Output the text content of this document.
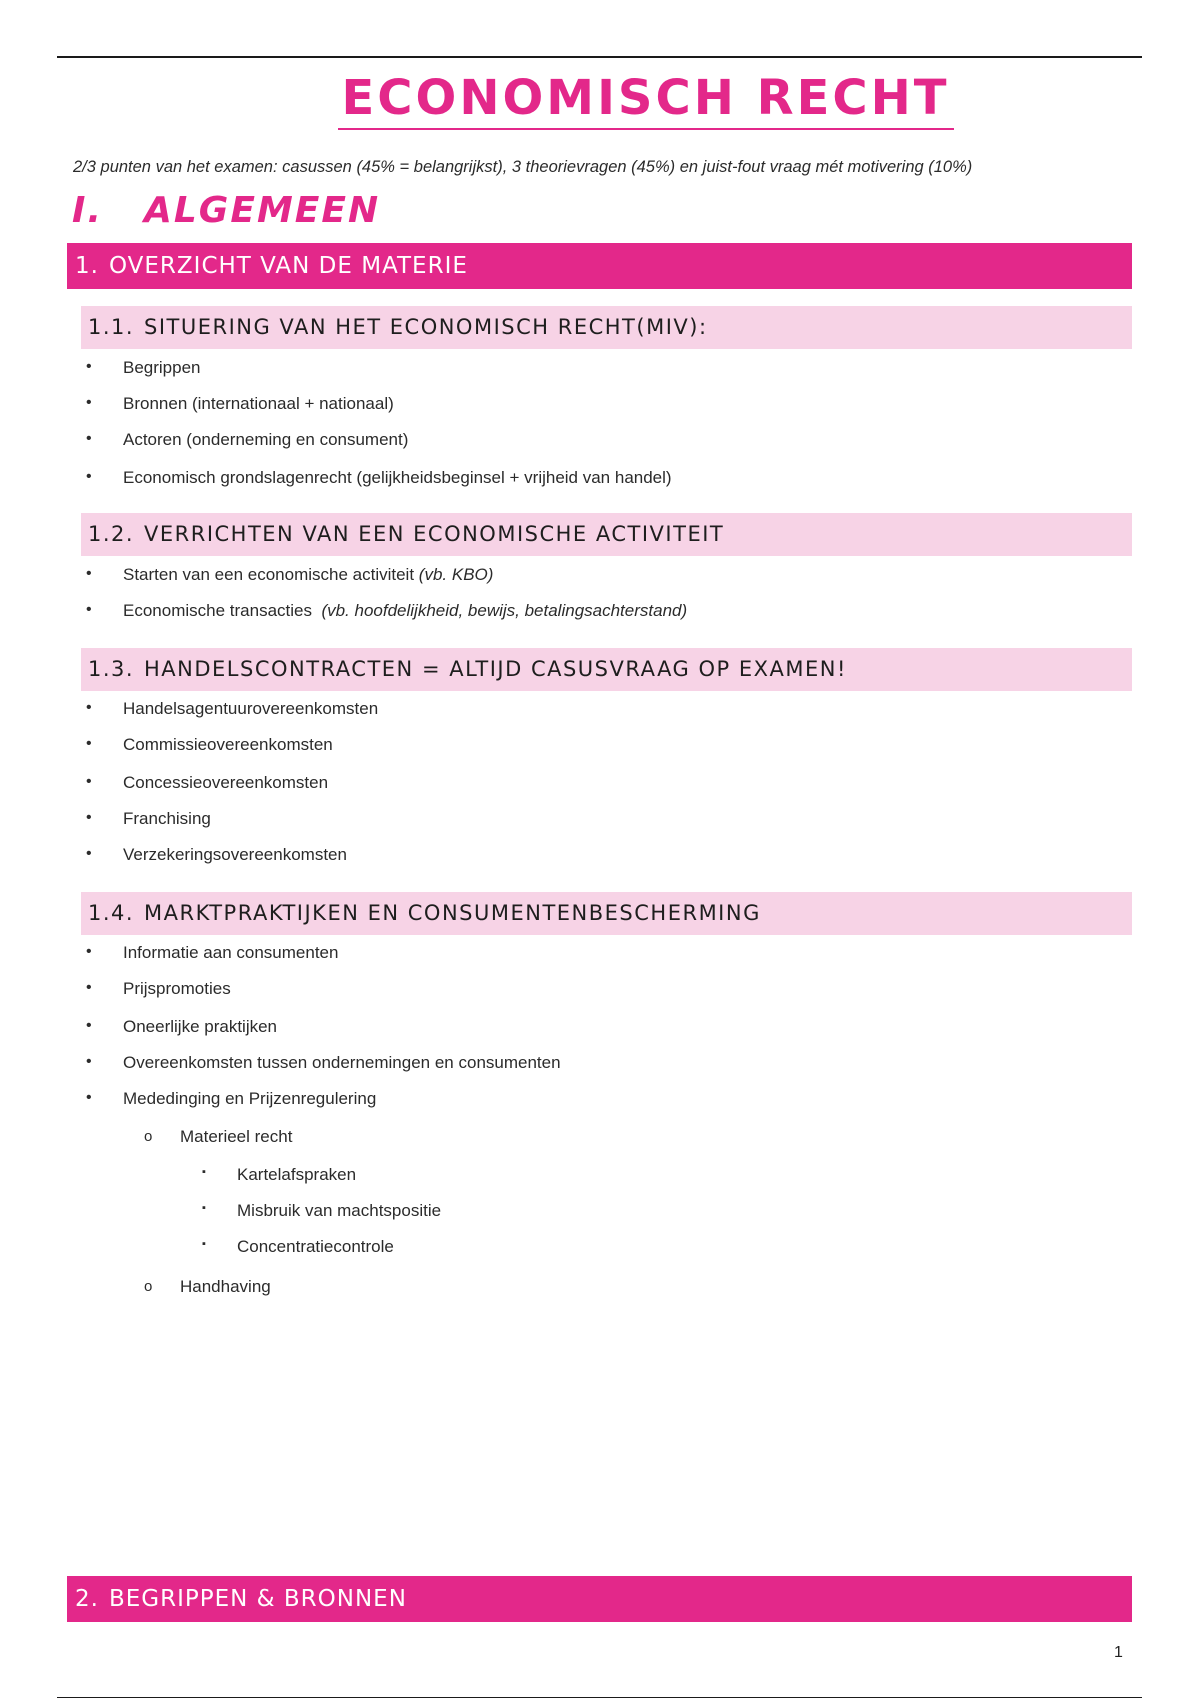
ECONOMISCH RECHT
2/3 punten van het examen: casussen (45% = belangrijkst), 3 theorievragen (45%) en juist-fout vraag mét motivering (10%)
I. ALGEMEEN
1. OVERZICHT VAN DE MATERIE
1.1. SITUERING VAN HET ECONOMISCH RECHT(MIV):
• Begrippen
• Bronnen (internationaal + nationaal)
• Actoren (onderneming en consument)
• Economisch grondslagenrecht (gelijkheidsbeginsel + vrijheid van handel)
1.2. VERRICHTEN VAN EEN ECONOMISCHE ACTIVITEIT
• Starten van een economische activiteit (vb. KBO)
• Economische transacties (vb. hoofdelijkheid, bewijs, betalingsachterstand)
1.3. HANDELSCONTRACTEN = ALTIJD CASUSVRAAG OP EXAMEN!
• Handelsagentuurovereenkomsten
• Commissieovereenkomsten
• Concessieovereenkomsten
• Franchising
• Verzekeringsovereenkomsten
1.4. MARKTPRAKTIJKEN EN CONSUMENTENBESCHERMING
• Informatie aan consumenten
• Prijspromoties
• Oneerlijke praktijken
• Overeenkomsten tussen ondernemingen en consumenten
• Mededinging en Prijzenregulering
o Materieel recht
▪ Kartelafspraken
▪ Misbruik van machtspositie
▪ Concentratiecontrole
o Handhaving
2. BEGRIPPEN & BRONNEN
1
